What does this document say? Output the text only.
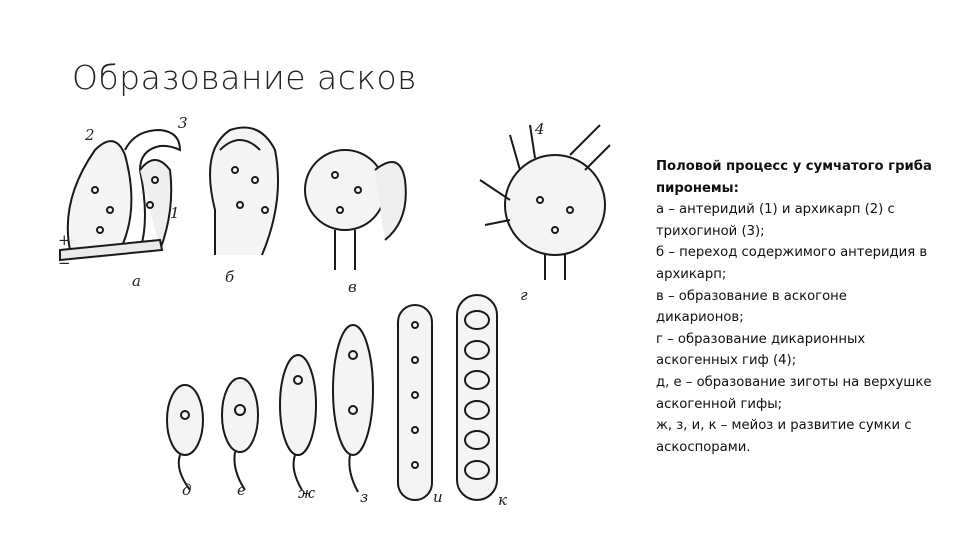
Образование асков
2
3
1
4
+
−
а	б
в	г
д	е	ж	з	и	к
Половой процесс у сумчатого гриба пиронемы:
а – антеридий (1) и архикарп (2) с трихогиной (3);
б – переход содержимого антеридия в архикарп;
в – образование в аскогоне дикарионов;
г – образование дикарионных аскогенных гиф (4);
д, е – образование зиготы на верхушке аскогенной гифы;
ж, з, и, к – мейоз и развитие сумки с аскоспорами.
